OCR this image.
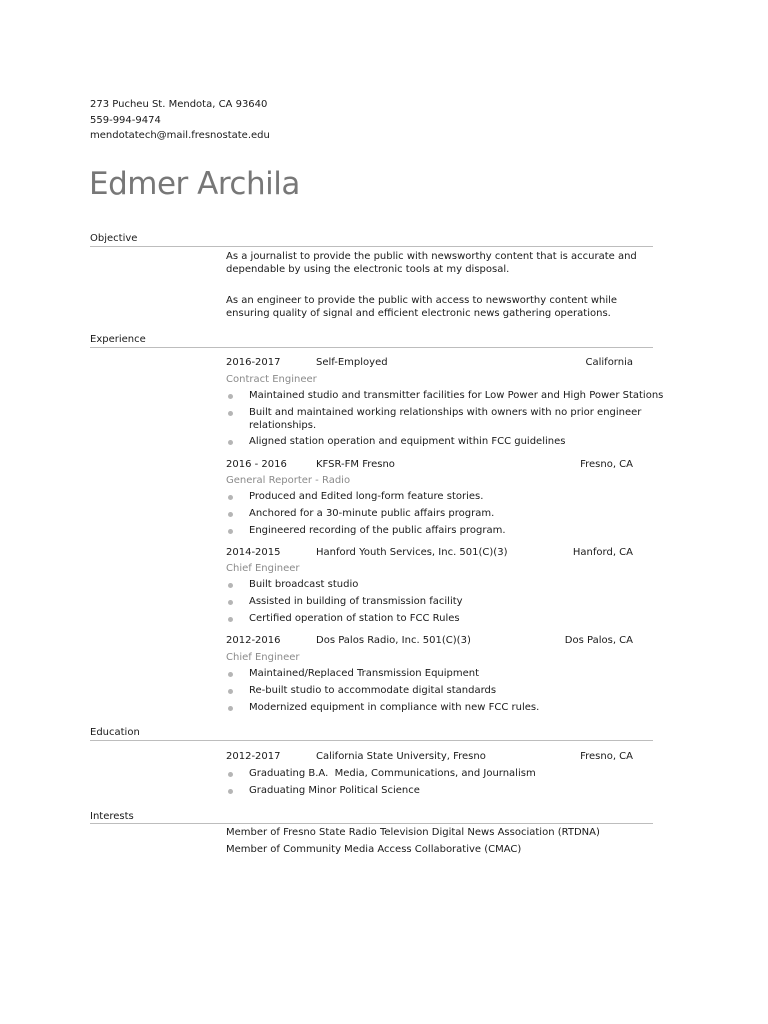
273 Pucheu St. Mendota, CA 93640
559-994-9474
mendotatech@mail.fresnostate.edu
Edmer Archila
Objective
As a journalist to provide the public with newsworthy content that is accurate and dependable by using the electronic tools at my disposal.
As an engineer to provide the public with access to newsworthy content while ensuring quality of signal and efficient electronic news gathering operations.
Experience
2016-2017	Self-Employed	California
Contract Engineer
Maintained studio and transmitter facilities for Low Power and High Power Stations
Built and maintained working relationships with owners with no prior engineer relationships.
Aligned station operation and equipment within FCC guidelines
2016 - 2016	KFSR-FM Fresno	Fresno, CA
General Reporter - Radio
Produced and Edited long-form feature stories.
Anchored for a 30-minute public affairs program.
Engineered recording of the public affairs program.
2014-2015	Hanford Youth Services, Inc. 501(C)(3)	Hanford, CA
Chief Engineer
Built broadcast studio
Assisted in building of transmission facility
Certified operation of station to FCC Rules
2012-2016	Dos Palos Radio, Inc. 501(C)(3)	Dos Palos, CA
Chief Engineer
Maintained/Replaced Transmission Equipment
Re-built studio to accommodate digital standards
Modernized equipment in compliance with new FCC rules.
Education
2012-2017	California State University, Fresno	Fresno, CA
Graduating B.A.  Media, Communications, and Journalism
Graduating Minor Political Science
Interests
Member of Fresno State Radio Television Digital News Association (RTDNA)
Member of Community Media Access Collaborative (CMAC)
